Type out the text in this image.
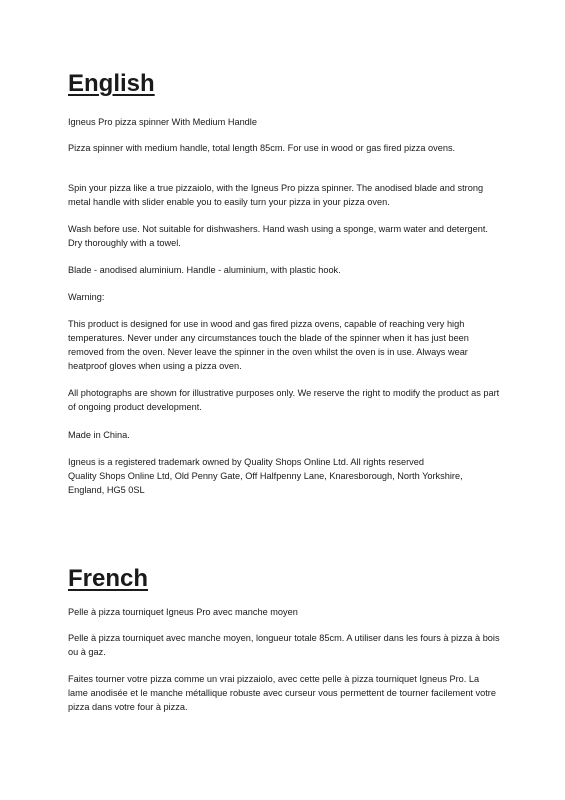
English

Igneus Pro pizza spinner With Medium Handle

Pizza spinner with medium handle, total length 85cm. For use in wood or gas fired pizza ovens.

Spin your pizza like a true pizzaiolo, with the Igneus Pro pizza spinner. The anodised blade and strong metal handle with slider enable you to easily turn your pizza in your pizza oven.

Wash before use. Not suitable for dishwashers. Hand wash using a sponge, warm water and detergent. Dry thoroughly with a towel.

Blade - anodised aluminium. Handle - aluminium, with plastic hook.

Warning:

This product is designed for use in wood and gas fired pizza ovens, capable of reaching very high temperatures. Never under any circumstances touch the blade of the spinner when it has just been removed from the oven. Never leave the spinner in the oven whilst the oven is in use. Always wear heatproof gloves when using a pizza oven.

All photographs are shown for illustrative purposes only. We reserve the right to modify the product as part of ongoing product development.

Made in China.

Igneus is a registered trademark owned by Quality Shops Online Ltd. All rights reserved
Quality Shops Online Ltd, Old Penny Gate, Off Halfpenny Lane, Knaresborough, North Yorkshire, England, HG5 0SL

French

Pelle à pizza tourniquet Igneus Pro avec manche moyen

Pelle à pizza tourniquet avec manche moyen, longueur totale 85cm. A utiliser dans les fours à pizza à bois ou à gaz.

Faites tourner votre pizza comme un vrai pizzaiolo, avec cette pelle à pizza tourniquet Igneus Pro. La lame anodisée et le manche métallique robuste avec curseur vous permettent de tourner facilement votre pizza dans votre four à pizza.
